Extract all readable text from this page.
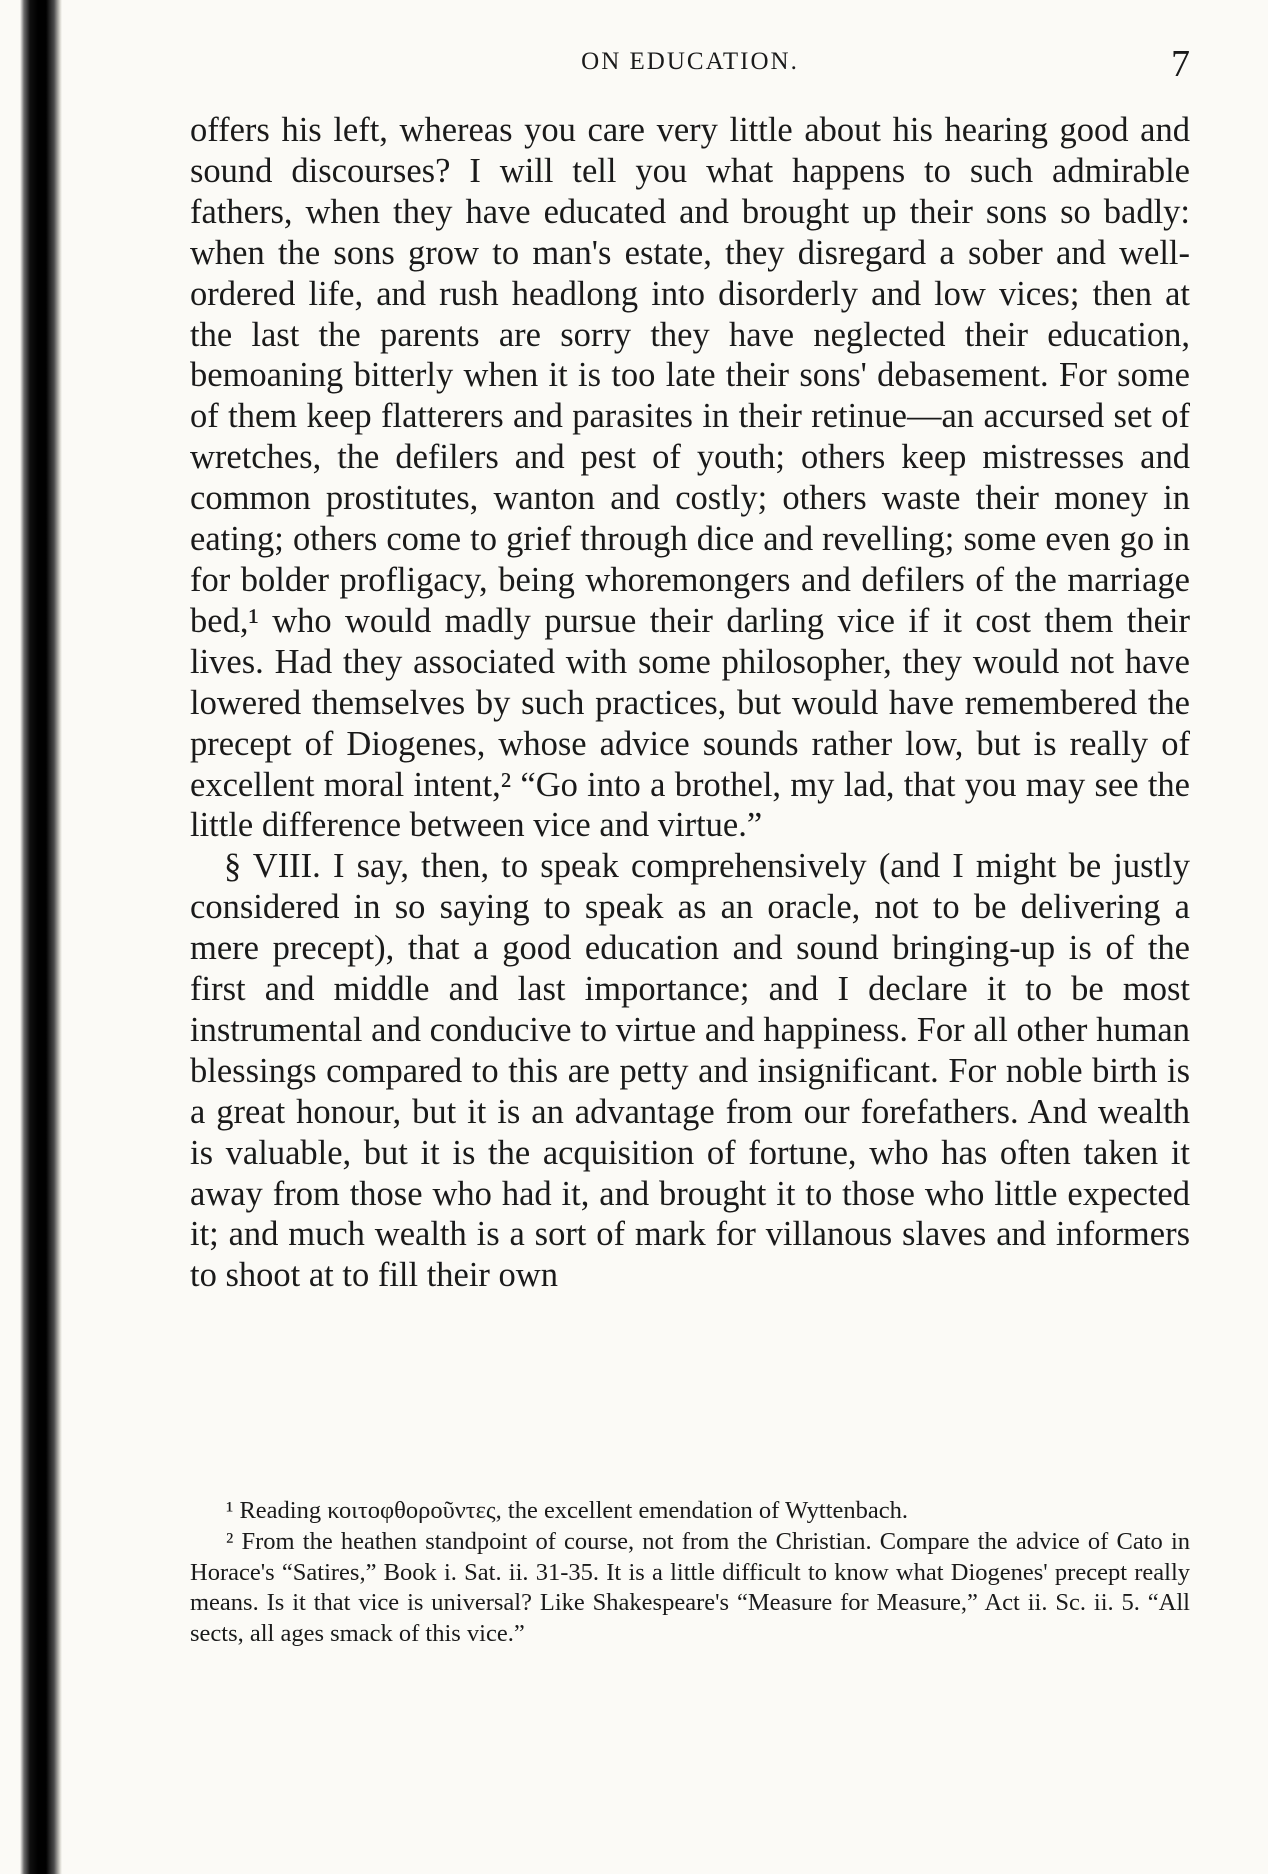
ON EDUCATION.	7

offers his left, whereas you care very little about his hearing good and sound discourses? I will tell you what happens to such admirable fathers, when they have educated and brought up their sons so badly: when the sons grow to man's estate, they disregard a sober and well-ordered life, and rush headlong into disorderly and low vices; then at the last the parents are sorry they have neglected their education, bemoaning bitterly when it is too late their sons' debasement. For some of them keep flatterers and parasites in their retinue—an accursed set of wretches, the defilers and pest of youth; others keep mistresses and common prostitutes, wanton and costly; others waste their money in eating; others come to grief through dice and revelling; some even go in for bolder profligacy, being whoremongers and defilers of the marriage bed,¹ who would madly pursue their darling vice if it cost them their lives. Had they associated with some philosopher, they would not have lowered themselves by such practices, but would have remembered the precept of Diogenes, whose advice sounds rather low, but is really of excellent moral intent,² “Go into a brothel, my lad, that you may see the little difference between vice and virtue.”

§ VIII. I say, then, to speak comprehensively (and I might be justly considered in so saying to speak as an oracle, not to be delivering a mere precept), that a good education and sound bringing-up is of the first and middle and last importance; and I declare it to be most instrumental and conducive to virtue and happiness. For all other human blessings compared to this are petty and insignificant. For noble birth is a great honour, but it is an advantage from our forefathers. And wealth is valuable, but it is the acquisition of fortune, who has often taken it away from those who had it, and brought it to those who little expected it; and much wealth is a sort of mark for villanous slaves and informers to shoot at to fill their own

¹ Reading κοιτοφθοροῦντες, the excellent emendation of Wyttenbach.

² From the heathen standpoint of course, not from the Christian. Compare the advice of Cato in Horace's “Satires,” Book i. Sat. ii. 31-35. It is a little difficult to know what Diogenes' precept really means. Is it that vice is universal? Like Shakespeare's “Measure for Measure,” Act ii. Sc. ii. 5. “All sects, all ages smack of this vice.”
